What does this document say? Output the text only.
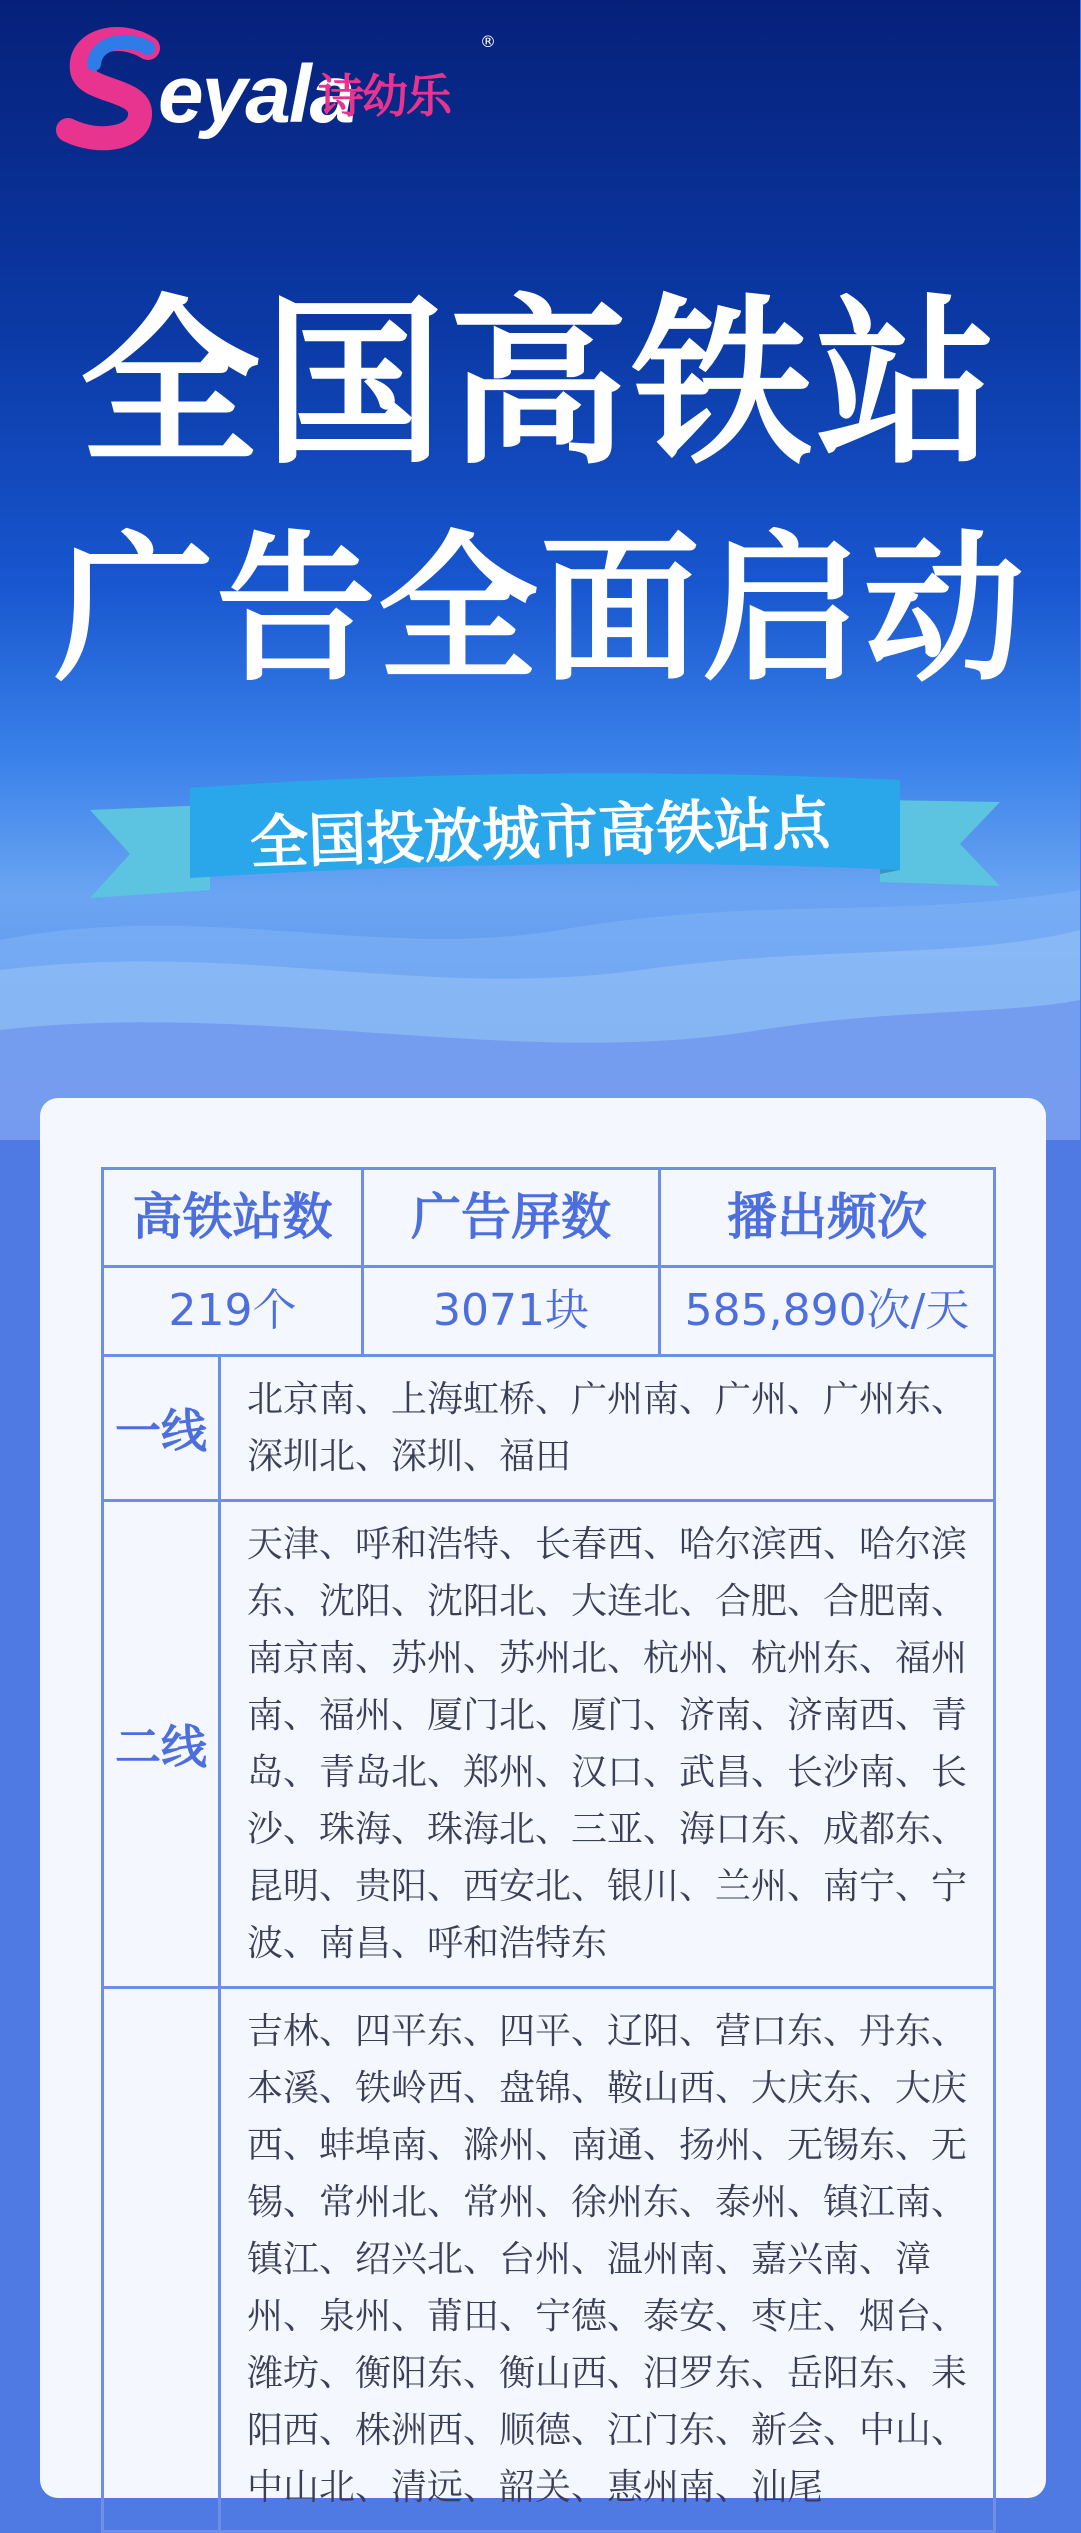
eyala
诗幼乐
®
全国高铁站
广告全面启动
全国投放城市高铁站点
高铁站数		广告屏数	播出频次
219个		3071块	585,890次/天
一线	北京南、上海虹桥、广州南、广州、广州东、深圳北、深圳、福田		
二线	天津、呼和浩特、长春西、哈尔滨西、哈尔滨东、沈阳、沈阳北、大连北、合肥、合肥南、南京南、苏州、苏州北、杭州、杭州东、福州南、福州、厦门北、厦门、济南、济南西、青岛、青岛北、郑州、汉口、武昌、长沙南、长沙、珠海、珠海北、三亚、海口东、成都东、昆明、贵阳、西安北、银川、兰州、南宁、宁波、南昌、呼和浩特东		
	吉林、四平东、四平、辽阳、营口东、丹东、本溪、铁岭西、盘锦、鞍山西、大庆东、大庆西、蚌埠南、滁州、南通、扬州、无锡东、无锡、常州北、常州、徐州东、泰州、镇江南、镇江、绍兴北、台州、温州南、嘉兴南、漳州、泉州、莆田、宁德、泰安、枣庄、烟台、潍坊、衡阳东、衡山西、汨罗东、岳阳东、耒阳西、株洲西、顺德、江门东、新会、中山、中山北、清远、韶关、惠州南、汕尾		
